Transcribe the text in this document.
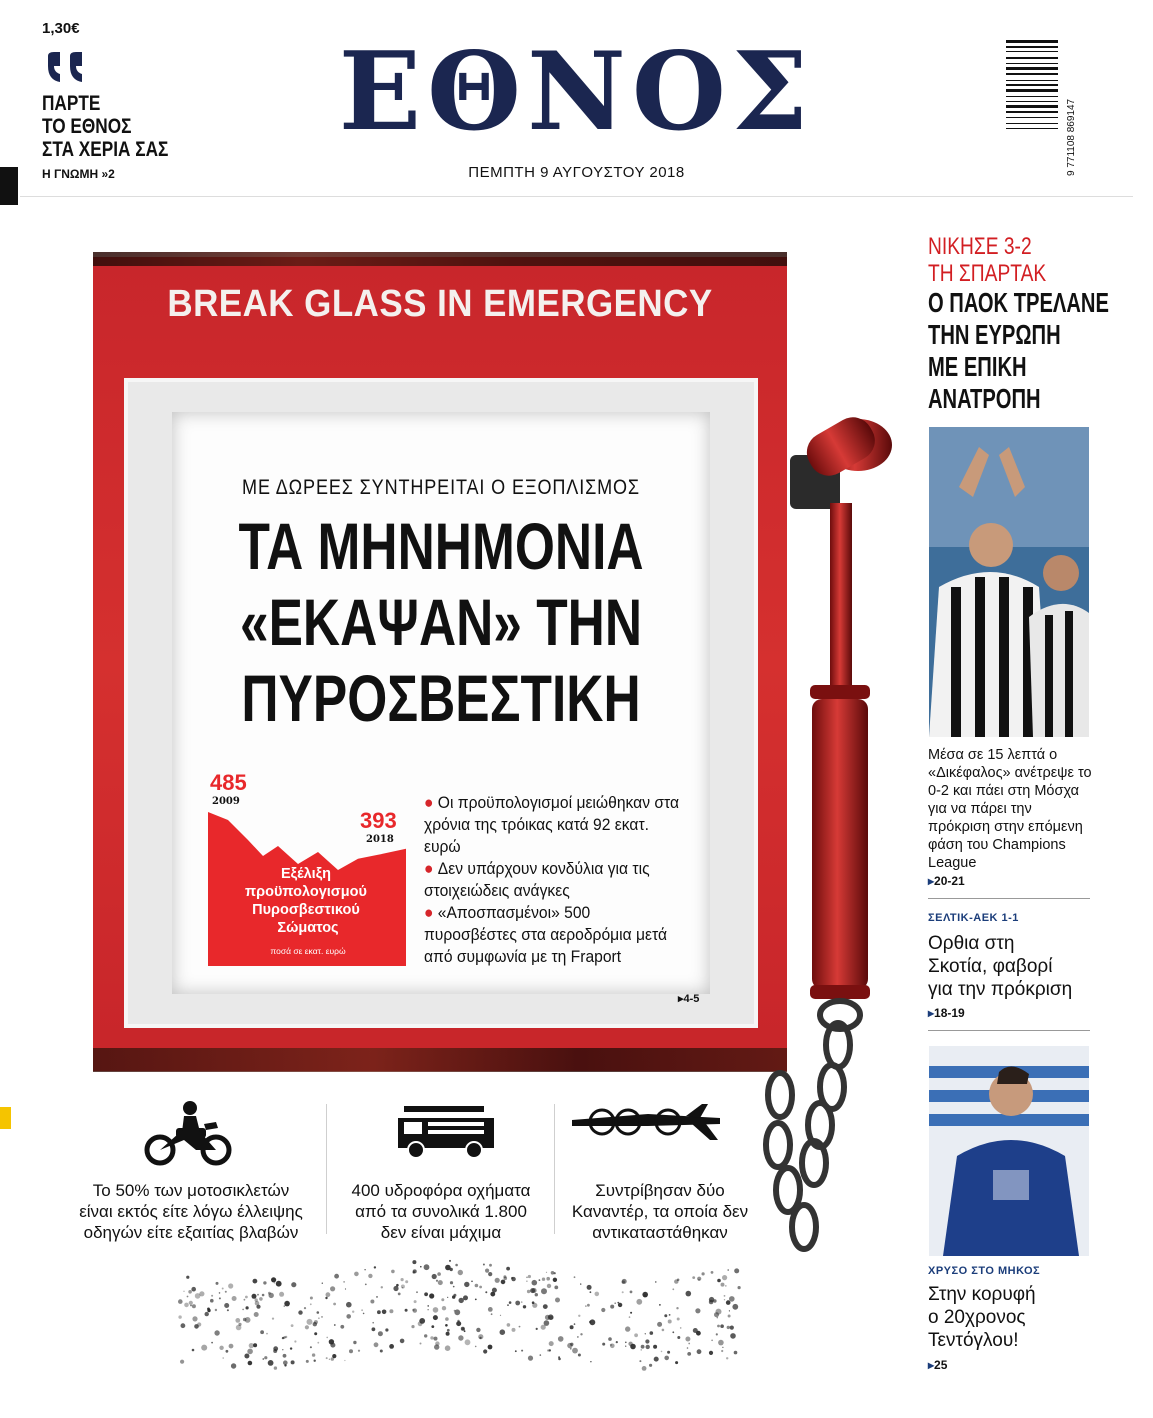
1,30€
ΠΑΡΤΕ
ΤΟ ΕΘΝΟΣ
ΣΤΑ ΧΕΡΙΑ ΣΑΣ
Η ΓΝΩΜΗ »2
ΕΘΝΟΣ
ΠΕΜΠΤΗ 9 ΑΥΓΟΥΣΤΟΥ 2018	9 771108 869147
BREAK GLASS IN EMERGENCY
ΜΕ ΔΩΡΕΕΣ ΣΥΝΤΗΡΕΙΤΑΙ Ο ΕΞΟΠΛΙΣΜΟΣ
ΤΑ ΜΗΝΗΜΟΝΙΑ
«ΕΚΑΨΑΝ» ΤΗΝ
ΠΥΡΟΣΒΕΣΤΙΚΗ
485
2009
393
2018
Εξέλιξη προϋπολογισμού Πυροσβεστικού Σώματος
ποσά σε εκατ. ευρώ
● Οι προϋπολογισμοί μειώθηκαν στα χρόνια της τρόικας κατά 92 εκατ. ευρώ
● Δεν υπάρχουν κονδύλια για τις στοιχειώδεις ανάγκες
● «Αποσπασμένοι» 500 πυροσβέστες στα αεροδρόμια μετά από συμφωνία με τη Fraport
▸4-5
Το 50% των μοτοσικλετών
είναι εκτός είτε λόγω έλλειψης
οδηγών είτε εξαιτίας βλαβών
400 υδροφόρα οχήματα
από τα συνολικά 1.800
δεν είναι μάχιμα
Συντρίβησαν δύο
Καναντέρ, τα οποία δεν
αντικαταστάθηκαν
ΝΙΚΗΣΕ 3-2
ΤΗ ΣΠΑΡΤΑΚ
Ο ΠΑΟΚ ΤΡΕΛΑΝΕ
ΤΗΝ ΕΥΡΩΠΗ
ΜΕ ΕΠΙΚΗ
ΑΝΑΤΡΟΠΗ
Μέσα σε 15 λεπτά ο «Δικέφαλος» ανέτρεψε το 0-2 και πάει στη Μόσχα για να πάρει την πρόκριση στην επόμενη φάση του Champions League
▸20-21
ΣΕΛΤΙΚ-ΑΕΚ 1-1
Ορθια στη
Σκοτία, φαβορί
για την πρόκριση
▸18-19
ΧΡΥΣΟ ΣΤΟ ΜΗΚΟΣ
Στην κορυφή
ο 20χρονος
Τεντόγλου!
▸25
